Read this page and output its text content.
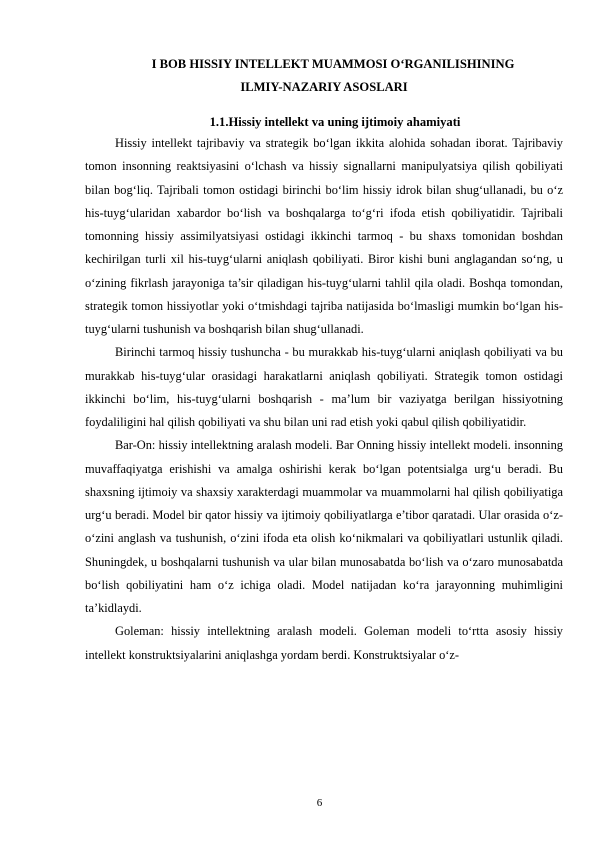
I BOB HISSIY INTELLEKT MUAMMOSI O‘RGANILISHINING
ILMIY-NAZARIY ASOSLARI
1.1.Hissiy intellekt va uning ijtimoiy ahamiyati

Hissiy intellekt tajribaviy va strategik bo‘lgan ikkita alohida sohadan iborat. Tajribaviy tomon insonning reaktsiyasini o‘lchash va hissiy signallarni manipulyatsiya qilish qobiliyati bilan bog‘liq. Tajribali tomon ostidagi birinchi bo‘lim hissiy idrok bilan shug‘ullanadi, bu o‘z his-tuyg‘ularidan xabardor bo‘lish va boshqalarga to‘g‘ri ifoda etish qobiliyatidir. Tajribali tomonning hissiy assimilyatsiyasi ostidagi ikkinchi tarmoq - bu shaxs tomonidan boshdan kechirilgan turli xil his-tuyg‘ularni aniqlash qobiliyati. Biror kishi buni anglagandan so‘ng, u o‘zining fikrlash jarayoniga ta’sir qiladigan his-tuyg‘ularni tahlil qila oladi. Boshqa tomondan, strategik tomon hissiyotlar yoki o‘tmishdagi tajriba natijasida bo‘lmasligi mumkin bo‘lgan his-tuyg‘ularni tushunish va boshqarish bilan shug‘ullanadi.

Birinchi tarmoq hissiy tushuncha - bu murakkab his-tuyg‘ularni aniqlash qobiliyati va bu murakkab his-tuyg‘ular orasidagi harakatlarni aniqlash qobiliyati. Strategik tomon ostidagi ikkinchi bo‘lim, his-tuyg‘ularni boshqarish - ma’lum bir vaziyatga berilgan hissiyotning foydaliligini hal qilish qobiliyati va shu bilan uni rad etish yoki qabul qilish qobiliyatidir.

Bar-On: hissiy intellektning aralash modeli. Bar Onning hissiy intellekt modeli. insonning muvaffaqiyatga erishishi va amalga oshirishi kerak bo‘lgan potentsialga urg‘u beradi. Bu shaxsning ijtimoiy va shaxsiy xarakterdagi muammolar va muammolarni hal qilish qobiliyatiga urg‘u beradi. Model bir qator hissiy va ijtimoiy qobiliyatlarga e’tibor qaratadi. Ular orasida o‘z-o‘zini anglash va tushunish, o‘zini ifoda eta olish ko‘nikmalari va qobiliyatlari ustunlik qiladi. Shuningdek, u boshqalarni tushunish va ular bilan munosabatda bo‘lish va o‘zaro munosabatda bo‘lish qobiliyatini ham o‘z ichiga oladi. Model natijadan ko‘ra jarayonning muhimligini ta’kidlaydi.

Goleman: hissiy intellektning aralash modeli. Goleman modeli to‘rtta asosiy hissiy intellekt konstruktsiyalarini aniqlashga yordam berdi. Konstruktsiyalar o‘z-

6
